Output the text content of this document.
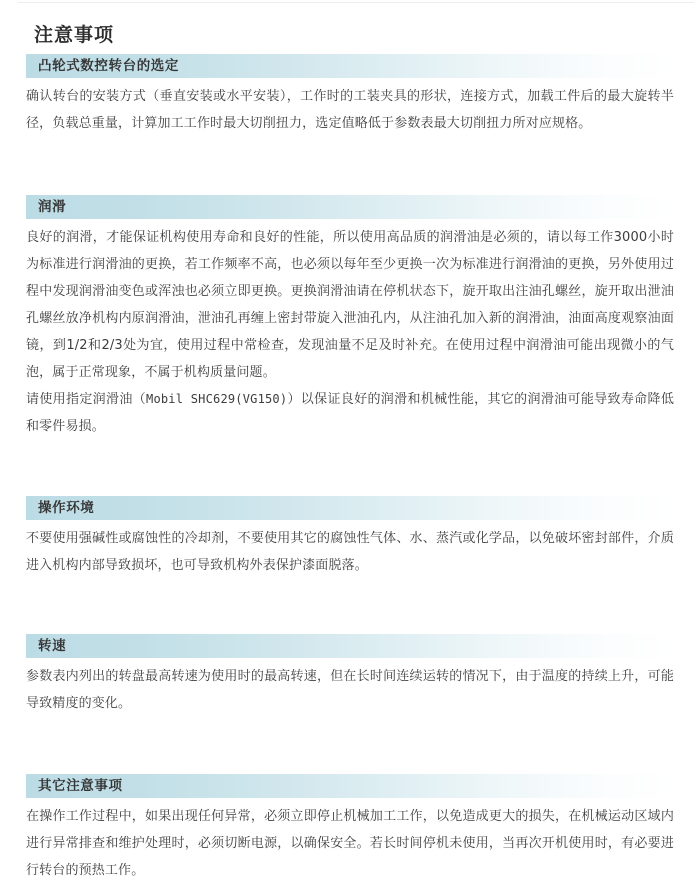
注意事项
凸轮式数控转台的选定

确认转台的安装方式（垂直安装或水平安装），工作时的工装夹具的形状，连接方式，加载工件后的最大旋转半径，负载总重量，计算加工工作时最大切削扭力，选定值略低于参数表最大切削扭力所对应规格。

润滑

良好的润滑，才能保证机构使用寿命和良好的性能，所以使用高品质的润滑油是必须的，请以每工作3000小时为标准进行润滑油的更换，若工作频率不高，也必须以每年至少更换一次为标准进行润滑油的更换，另外使用过程中发现润滑油变色或浑浊也必须立即更换。更换润滑油请在停机状态下，旋开取出注油孔螺丝，旋开取出泄油孔螺丝放净机构内原润滑油，泄油孔再缠上密封带旋入泄油孔内，从注油孔加入新的润滑油，油面高度观察油面镜，到1/2和2/3处为宜，使用过程中常检查，发现油量不足及时补充。在使用过程中润滑油可能出现微小的气泡，属于正常现象，不属于机构质量问题。

请使用指定润滑油（Mobil SHC629(VG150)）以保证良好的润滑和机械性能，其它的润滑油可能导致寿命降低和零件易损。

操作环境

不要使用强碱性或腐蚀性的冷却剂，不要使用其它的腐蚀性气体、水、蒸汽或化学品，以免破坏密封部件，介质进入机构内部导致损坏，也可导致机构外表保护漆面脱落。

转速

参数表内列出的转盘最高转速为使用时的最高转速，但在长时间连续运转的情况下，由于温度的持续上升，可能导致精度的变化。

其它注意事项

在操作工作过程中，如果出现任何异常，必须立即停止机械加工工作，以免造成更大的损失，在机械运动区域内进行异常排查和维护处理时，必须切断电源，以确保安全。若长时间停机未使用，当再次开机使用时，有必要进行转台的预热工作。
